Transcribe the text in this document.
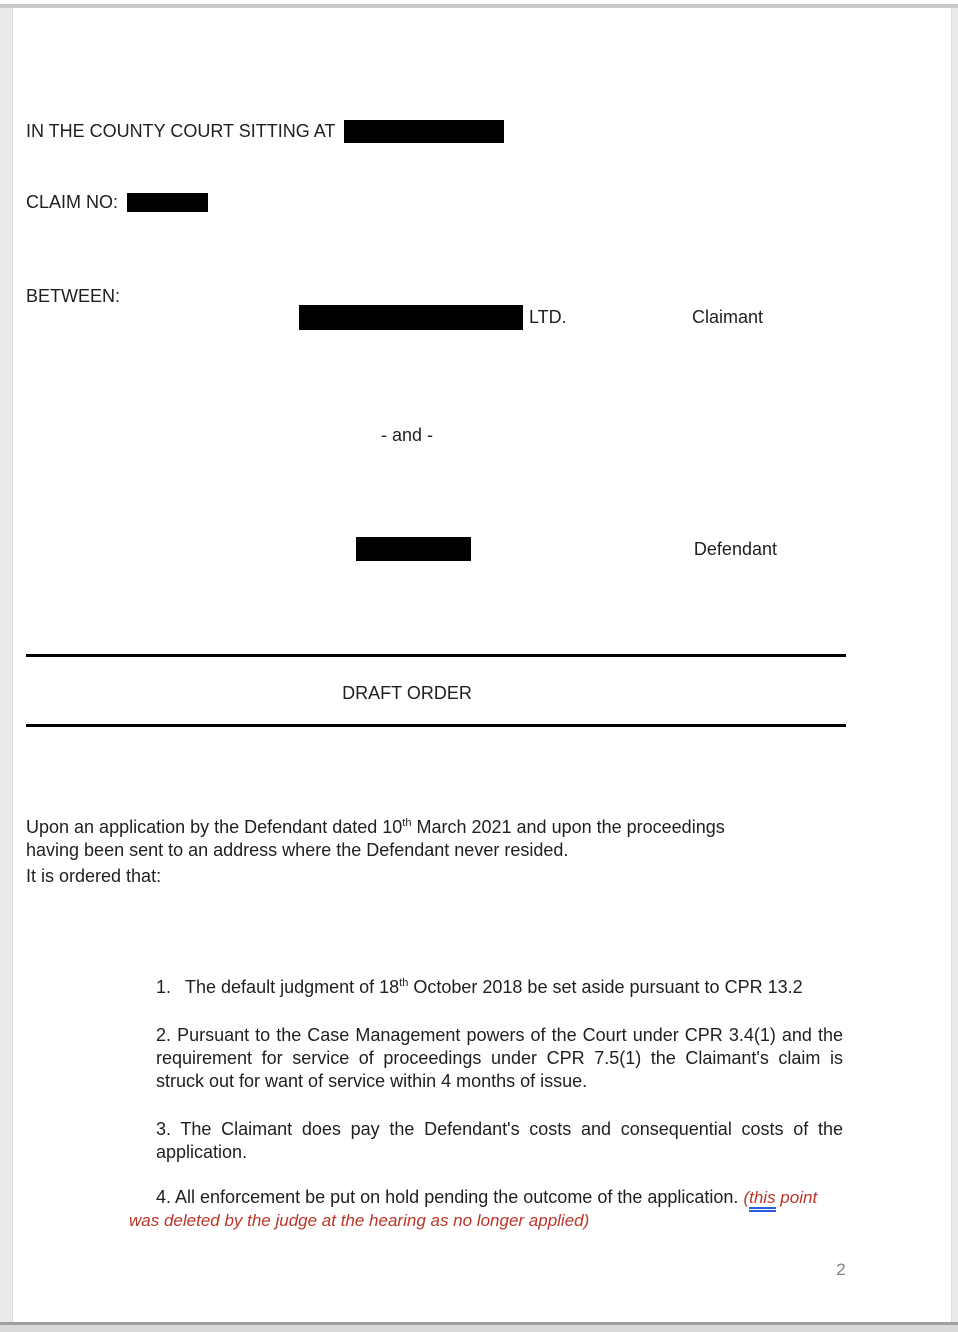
IN THE COUNTY COURT SITTING AT
CLAIM NO:
BETWEEN:
LTD.	Claimant
- and -
Defendant
DRAFT ORDER

Upon an application by the Defendant dated 10th March 2021 and upon the proceedings having been sent to an address where the Defendant never resided.

It is ordered that:

1. The default judgment of 18th October 2018 be set aside pursuant to CPR 13.2

2. Pursuant to the Case Management powers of the Court under CPR 3.4(1) and the requirement for service of proceedings under CPR 7.5(1) the Claimant's claim is struck out for want of service within 4 months of issue.

3. The Claimant does pay the Defendant's costs and consequential costs of the application.

4. All enforcement be put on hold pending the outcome of the application. (this point was deleted by the judge at the hearing as no longer applied)

2
